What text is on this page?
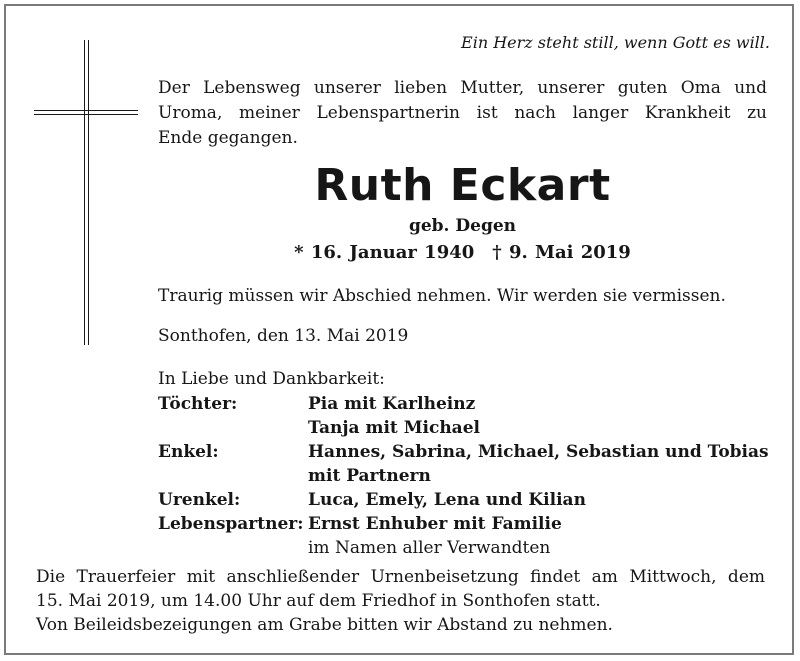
Ein Herz steht still, wenn Gott es will.
Der Lebensweg unserer lieben Mutter, unserer guten Oma und
Uroma, meiner Lebenspartnerin ist nach langer Krankheit zu
Ende gegangen.
Ruth Eckart
geb. Degen
* 16. Januar 1940 † 9. Mai 2019
Traurig müssen wir Abschied nehmen. Wir werden sie vermissen.
Sonthofen, den 13. Mai 2019
In Liebe und Dankbarkeit:
Töchter:	Pia mit Karlheinz
Tanja mit Michael
Enkel:	Hannes, Sabrina, Michael, Sebastian und Tobias
mit Partnern
Urenkel:	Luca, Emely, Lena und Kilian
Lebenspartner: Ernst Enhuber mit Familie
im Namen aller Verwandten
Die Trauerfeier mit anschließender Urnenbeisetzung findet am Mittwoch, dem
15. Mai 2019, um 14.00 Uhr auf dem Friedhof in Sonthofen statt.
Von Beileidsbezeigungen am Grabe bitten wir Abstand zu nehmen.
